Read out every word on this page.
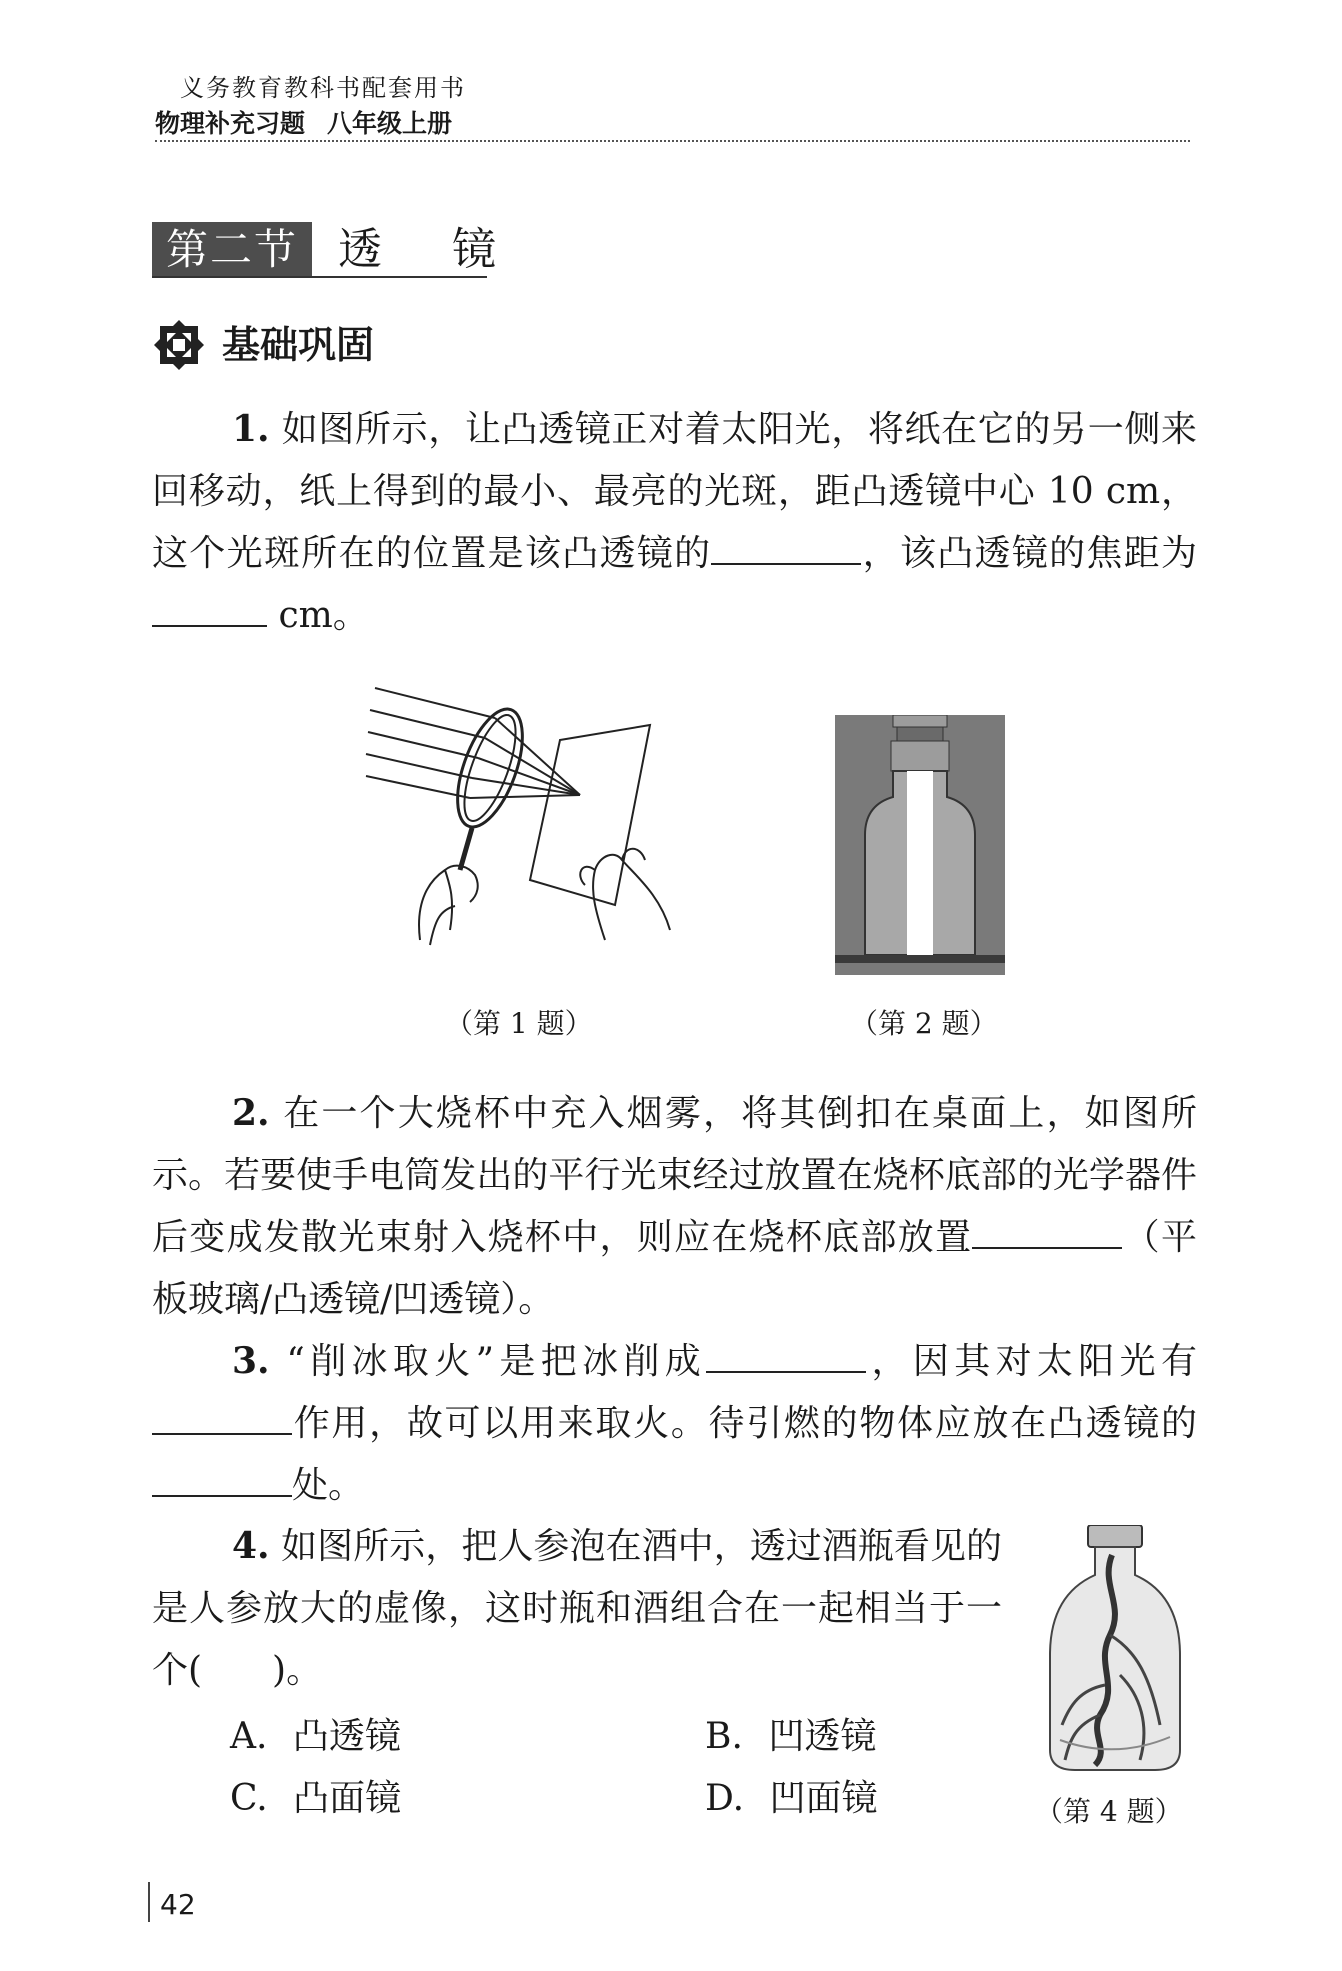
义务教育教科书配套用书
物理补充习题 八年级上册
第二节 透 镜
基础巩固
1. 如图所示，让凸透镜正对着太阳光，将纸在它的另一侧来回移动，纸上得到的最小、最亮的光斑，距凸透镜中心 10 cm，这个光斑所在的位置是该凸透镜的	，该凸透镜的焦距为 cm。
（第 1 题）	（第 2 题）
2. 在一个大烧杯中充入烟雾，将其倒扣在桌面上，如图所示。若要使手电筒发出的平行光束经过放置在烧杯底部的光学器件后变成发散光束射入烧杯中，则应在烧杯底部放置	（平板玻璃/凸透镜/凹透镜）。
3. “削冰取火”是把冰削成	，因其对太阳光有作用，故可以用来取火。待引燃的物体应放在凸透镜的处。
4. 如图所示，把人参泡在酒中，透过酒瓶看见的是人参放大的虚像，这时瓶和酒组合在一起相当于一个( )。
A. 凸透镜	B. 凹透镜
C. 凸面镜	D. 凹面镜	（第 4 题）
42
